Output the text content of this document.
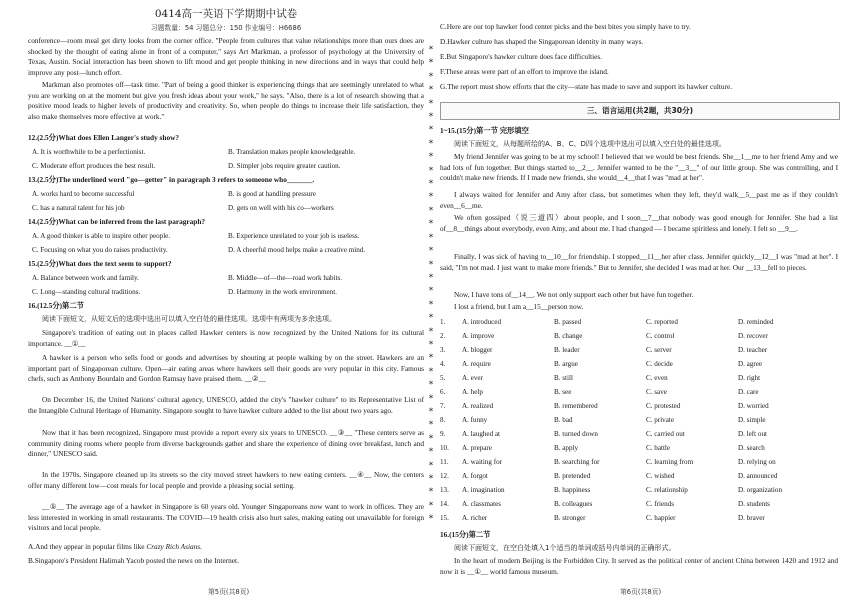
0414高一英语下学期期中试卷
习题数量：54 习题总分：150 作业编号：H6686
conference—room meal get dirty looks from the corner office. "People from cultures that value relationships more than ours does are shocked by the thought of eating alone in front of a computer," says Art Markman, a professor of psychology at the University of Texas, Austin. Social interaction has been shown to lift mood and get people thinking in new directions and in ways that could help improve any post—lunch effort.
Markman also promotes off—task time. "Part of being a good thinker is experiencing things that are seemingly unrelated to what you are working on at the moment but give you fresh ideas about your work," he says. "Also, there is a lot of research showing that a positive mood leads to higher levels of productivity and creativity. So, when people do things to increase their life satisfaction, they also make themselves more effective at work."
12.(2.5分)What does Ellen Langer's study show?
A. It is worthwhile to be a perfectionist.	B. Translation makes people knowledgeable.
C. Moderate effort produces the best result.	D. Simpler jobs require greater caution.
13.(2.5分)The underlined word "go—getter" in paragraph 3 refers to someone who_______.
A. works hard to become successful	B. is good at handling pressure
C. has a natural talent for his job	D. gets on well with his co—workers
14.(2.5分)What can be inferred from the last paragraph?
A. A good thinker is able to inspire other people.	B. Experience unrelated to your job is useless.
C. Focusing on what you do raises productivity.	D. A cheerful mood helps make a creative mind.
15.(2.5分)What does the text seem to support?
A. Balance between work and family.	B. Middle—of—the—road work habits.
C. Long—standing cultural traditions.	D. Harmony in the work environment.
16.(12.5分)第二节
阅读下面短文，从短文后的选项中选出可以填入空白处的最佳选项。选项中有两项为多余选项。
Singapore's tradition of eating out in places called Hawker centers is now recognized by the United Nations for its cultural importance. __①__
A hawker is a person who sells food or goods and advertises by shouting at people walking by on the street. Hawkers are an important part of Singaporean culture. Open—air eating areas where hawkers sell their goods are very popular in this city. Famous chefs, such as Anthony Bourdain and Gordon Ramsay have praised them. __②__
On December 16, the United Nations' cultural agency, UNESCO, added the city's "hawker culture" to its Representative List of the Intangible Cultural Heritage of Humanity. Singapore sought to have hawker culture added to the list about two years ago.
Now that it has been recognized, Singapore must provide a report every six years to UNESCO. __③__ "These centers serve as community dining rooms where people from diverse backgrounds gather and share the experience of dining over breakfast, lunch and dinner," UNESCO said.
In the 1970s, Singapore cleaned up its streets so the city moved street hawkers to new eating centers. __④__ Now, the centers offer many different low—cost meals for local people and provide a pleasing social setting.
__⑤__ The average age of a hawker in Singapore is 60 years old. Younger Singaporeans now want to work in offices. They are less interested in working in small restaurants. The COVID—19 health crisis also hurt sales, making eating out unavailable for foreign visitors and local people.
A.And they appear in popular films like Crazy Rich Asians.
B.Singapore's President Halimah Yacob posted the news on the Internet.
第5页(共8页)
*
*
*
*
*
*
*
*
*
*
*
*
*
*
*
*
*
*
*
*
*
*
*
*
*
*
*
*
*
*
*
*
*
*
*
*
C.Here are our top hawker food center picks and the best bites you simply have to try.
D.Hawker culture has shaped the Singaporean identity in many ways.
E.But Singapore's hawker culture does face difficulties.
F.These areas were part of an effort to improve the island.
G.The report must show efforts that the city—state has made to save and support its hawker culture.
三、语言运用(共2题，共30分)
1~15.(15分)第一节 完形填空
阅读下面短文，从每题所给的A、B、C、D四个选项中选出可以填入空白处的最佳选项。
My friend Jennifer was going to be at my school! I believed that we would be best friends. She__1__me to her friend Amy and we had lots of fun together. But things started to__2__. Jennifer wanted to be the "__3__" of our little group. She was controlling, and I couldn't make new friends. If I made new friends, she would__4__that I was "mad at her".
I always waited for Jennifer and Amy after class, but sometimes when they left, they'd walk__5__past me as if they couldn't even__6__me.
We often gossiped（说三道四）about people, and I soon__7__that nobody was good enough for Jennifer. She had a list of__8__things about everybody, even Amy, and about me. I had changed — I became spiritless and lonely. I felt so __9__.
Finally, I was sick of having to__10__for friendship. I stopped__11__her after class. Jennifer quickly__12__I was "mad at her". I said, "I'm not mad. I just want to make more friends." But to Jennifer, she decided I was mad at her. Our __13__fell to pieces.
Now, I have tons of__14__. We not only support each other but have fun together.
I lost a friend, but I am a__15__person now.
1. A. introduced	B. passed	C. reported	D. reminded
2. A. improve	B. change	C. control	D. recover
3. A. blogger	B. leader	C. server	D. teacher
4. A. require	B. argue	C. decide	D. agree
5. A. ever	B. still	C. even	D. right
6. A. help	B. see	C. save	D. care
7. A. realized	B. remembered	C. protested	D. worried
8. A. funny	B. bad	C. private	D. simple
9. A. laughed at	B. turned down	C. carried out	D. left out
10. A. prepare	B. apply	C. battle	D. search
11. A. waiting for	B. searching for	C. learning from	D. relying on
12. A. forgot	B. pretended	C. wished	D. announced
13. A. imagination	B. happiness	C. relationship	D. organization
14. A. classmates	B. colleagues	C. friends	D. students
15. A. richer	B. stronger	C. happier	D. braver
16.(15分)第二节
阅读下面短文，在空白处填入1个适当的单词或括号内单词的正确形式。
In the heart of modern Beijing is the Forbidden City. It served as the political center of ancient China between 1420 and 1912 and now it is __①__ world famous museum.
第6页(共8页)
